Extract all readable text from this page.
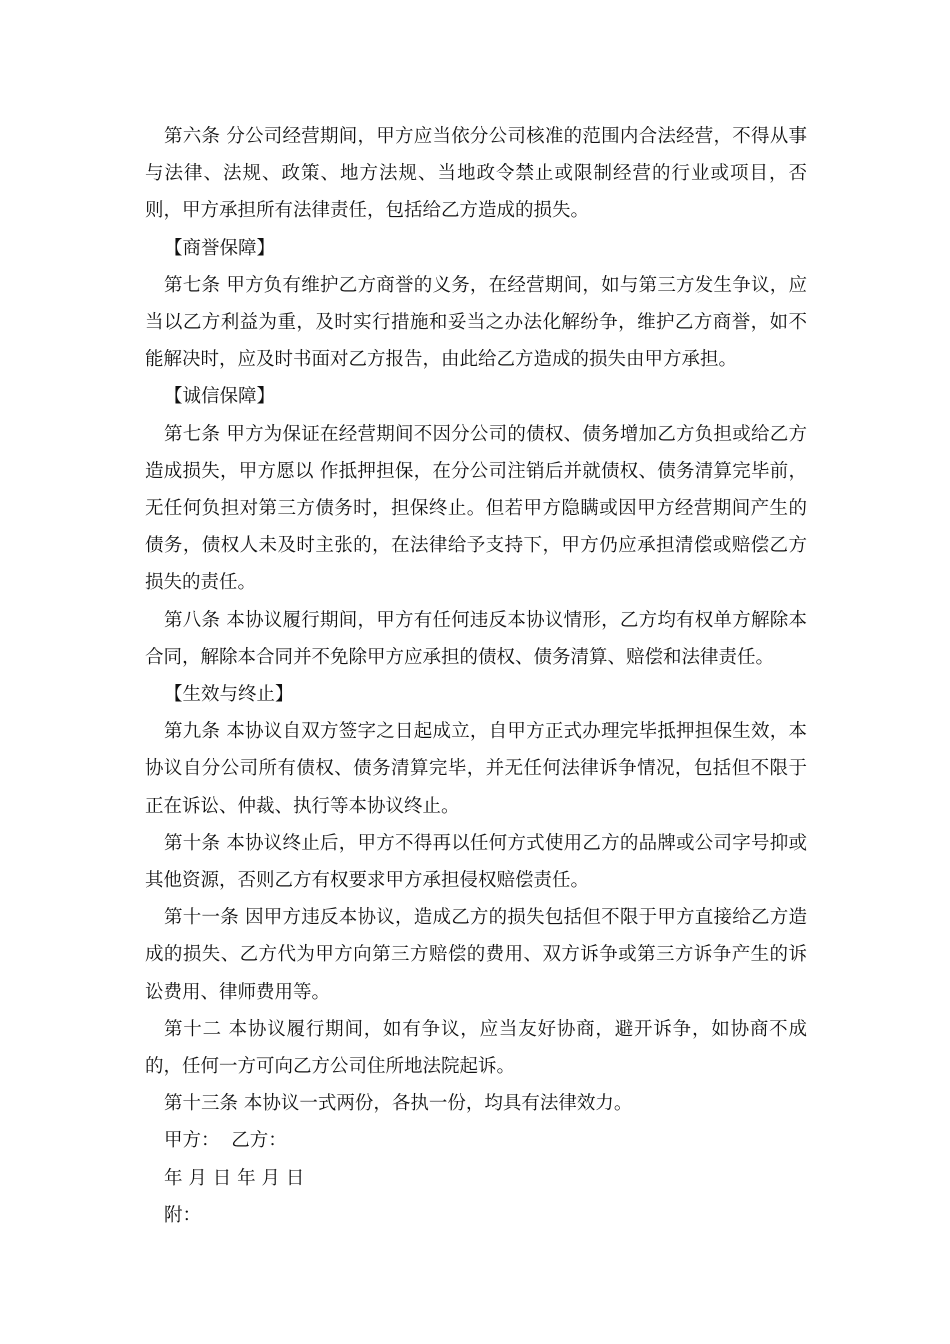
第六条 分公司经营期间，甲方应当依分公司核准的范围内合法经营，不得从事与法律、法规、政策、地方法规、当地政令禁止或限制经营的行业或项目，否则，甲方承担所有法律责任，包括给乙方造成的损失。

【商誉保障】

第七条 甲方负有维护乙方商誉的义务，在经营期间，如与第三方发生争议，应当以乙方利益为重，及时实行措施和妥当之办法化解纷争，维护乙方商誉，如不能解决时，应及时书面对乙方报告，由此给乙方造成的损失由甲方承担。

【诚信保障】

第七条 甲方为保证在经营期间不因分公司的债权、债务增加乙方负担或给乙方造成损失，甲方愿以 作抵押担保，在分公司注销后并就债权、债务清算完毕前，无任何负担对第三方债务时，担保终止。但若甲方隐瞒或因甲方经营期间产生的债务，债权人未及时主张的，在法律给予支持下，甲方仍应承担清偿或赔偿乙方损失的责任。

第八条 本协议履行期间，甲方有任何违反本协议情形，乙方均有权单方解除本合同，解除本合同并不免除甲方应承担的债权、债务清算、赔偿和法律责任。

【生效与终止】

第九条 本协议自双方签字之日起成立，自甲方正式办理完毕抵押担保生效，本协议自分公司所有债权、债务清算完毕，并无任何法律诉争情况，包括但不限于正在诉讼、仲裁、执行等本协议终止。

第十条 本协议终止后，甲方不得再以任何方式使用乙方的品牌或公司字号抑或其他资源，否则乙方有权要求甲方承担侵权赔偿责任。

第十一条 因甲方违反本协议，造成乙方的损失包括但不限于甲方直接给乙方造成的损失、乙方代为甲方向第三方赔偿的费用、双方诉争或第三方诉争产生的诉讼费用、律师费用等。

第十二 本协议履行期间，如有争议，应当友好协商，避开诉争，如协商不成的，任何一方可向乙方公司住所地法院起诉。

第十三条 本协议一式两份，各执一份，均具有法律效力。

甲方：  乙方：

年 月 日 年 月 日

附：
